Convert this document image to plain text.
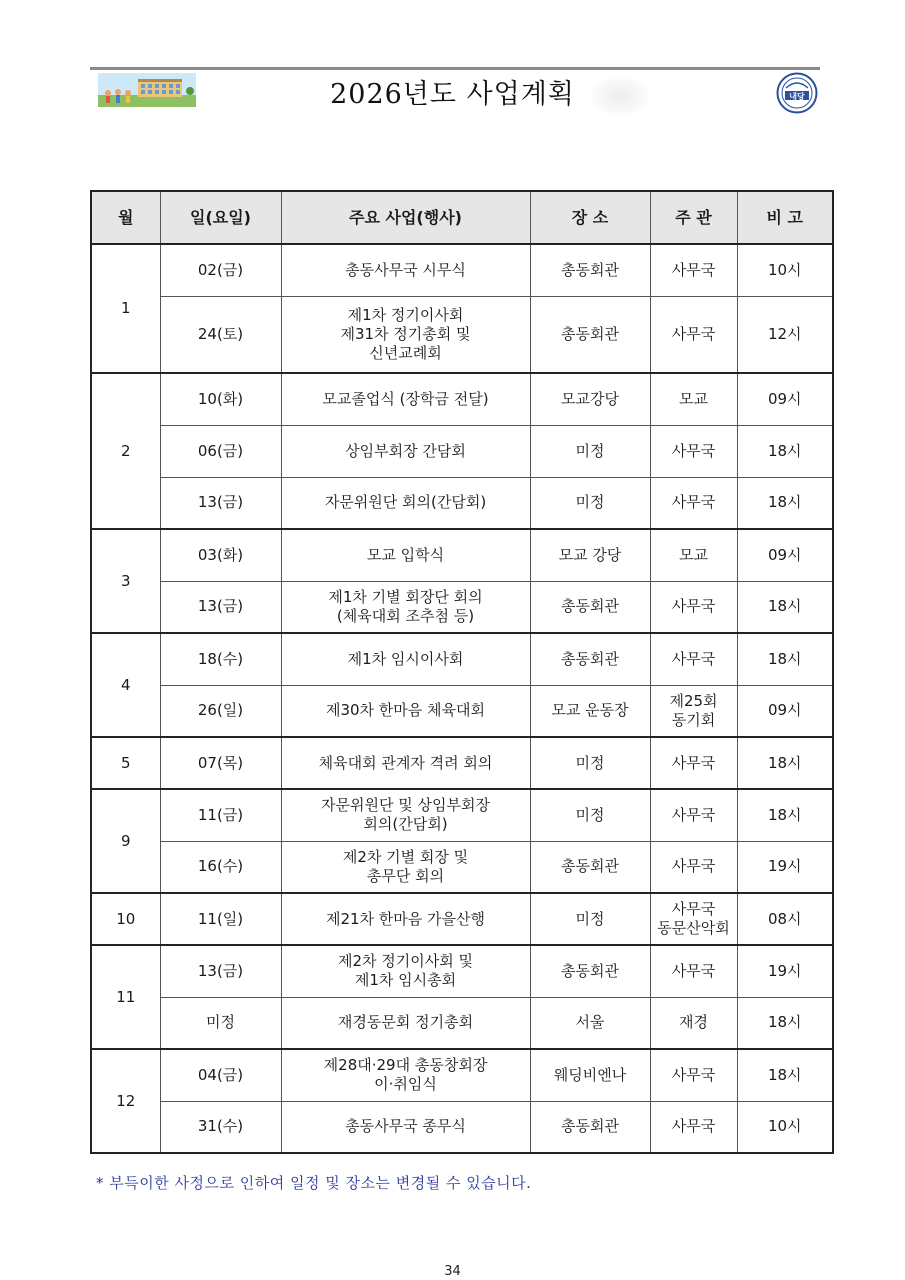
2026년도 사업계획	내당
월	일(요일)	주요 사업(행사)	장 소	주 관	비 고
1	02(금)	총동사무국 시무식	총동회관	사무국	10시
	24(토)	제1차 정기이사회
제31차 정기총회 및
신년교례회	총동회관	사무국	12시
2	10(화)	모교졸업식 (장학금 전달)	모교강당	모교	09시
	06(금)	상임부회장 간담회	미정	사무국	18시
	13(금)	자문위원단 회의(간담회)	미정	사무국	18시
3	03(화)	모교 입학식	모교 강당	모교	09시
	13(금)	제1차 기별 회장단 회의
(체육대회 조추첨 등)	총동회관	사무국	18시
4	18(수)	제1차 임시이사회	총동회관	사무국	18시
	26(일)	제30차 한마음 체육대회	모교 운동장	제25회
동기회	09시
5	07(목)	체육대회 관계자 격려 회의	미정	사무국	18시
9	11(금)	자문위원단 및 상임부회장
회의(간담회)	미정	사무국	18시
	16(수)	제2차 기별 회장 및
총무단 회의	총동회관	사무국	19시
10	11(일)	제21차 한마음 가을산행	미정	사무국
동문산악회	08시
11	13(금)	제2차 정기이사회 및
제1차 임시총회	총동회관	사무국	19시
	미정	재경동문회 정기총회	서울	재경	18시
12	04(금)	제28대·29대 총동창회장
이·취임식	웨딩비엔나	사무국	18시
	31(수)	총동사무국 종무식	총동회관	사무국	10시
* 부득이한 사정으로 인하여 일정 및 장소는 변경될 수 있습니다.
34
